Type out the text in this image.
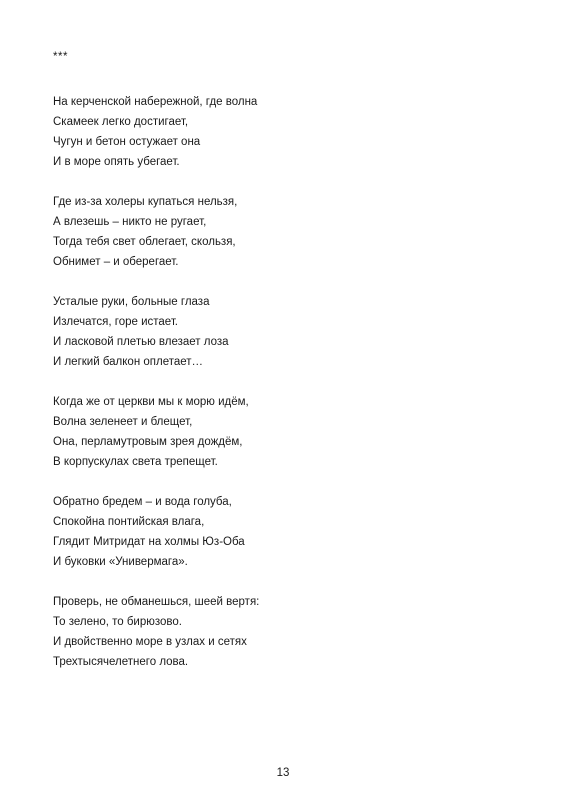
***
На керченской набережной, где волна
Скамеек легко достигает,
Чугун и бетон остужает она
И в море опять убегает.
Где из-за холеры купаться нельзя,
А влезешь – никто не ругает,
Тогда тебя свет облегает, скользя,
Обнимет – и оберегает.
Усталые руки, больные глаза
Излечатся, горе истает.
И ласковой плетью влезает лоза
И легкий балкон оплетает…
Когда же от церкви мы к морю идём,
Волна зеленеет и блещет,
Она, перламутровым зрея дождём,
В корпускулах света трепещет.
Обратно бредем – и вода голуба,
Спокойна понтийская влага,
Глядит Митридат на холмы Юз-Оба
И буковки «Универмага».
Проверь, не обманешься, шеей вертя:
То зелено, то бирюзово.
И двойственно море в узлах и сетях
Трехтысячелетнего лова.
13
